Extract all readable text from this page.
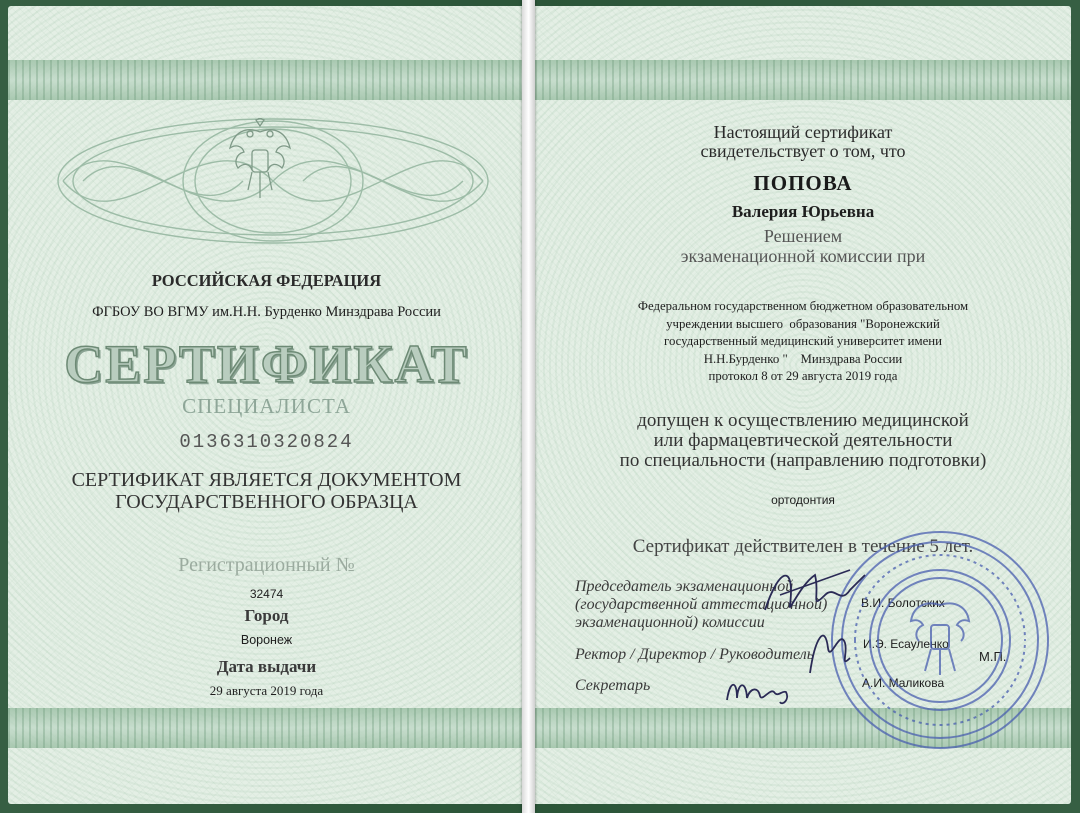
РОССИЙСКАЯ ФЕДЕРАЦИЯ
ФГБОУ ВО ВГМУ им.Н.Н. Бурденко Минздрава России
СЕРТИФИКАТ
СПЕЦИАЛИСТА
0136310320824
СЕРТИФИКАТ ЯВЛЯЕТСЯ ДОКУМЕНТОМ
ГОСУДАРСТВЕННОГО ОБРАЗЦА
Регистрационный №
32474
Город
Воронеж
Дата выдачи
29 августа 2019 года
Настоящий сертификат
свидетельствует о том, что
ПОПОВА
Валерия Юрьевна
Решением
экзаменационной комиссии при
Федеральном государственном бюджетном образовательном
учреждении высшего  образования "Воронежский
государственный медицинский университет имени
Н.Н.Бурденко "    Минздрава России
протокол 8 от 29 августа 2019 года
допущен к осуществлению медицинской
или фармацевтической деятельности
по специальности (направлению подготовки)
ортодонтия
Сертификат действителен в течение 5 лет.
Председатель экзаменационной
(государственной аттестационной)
экзаменационной) комиссии
В.И. Болотских
Ректор / Директор / Руководитель
И.Э. Есауленко
М.П.
Секретарь	А.И. Маликова
